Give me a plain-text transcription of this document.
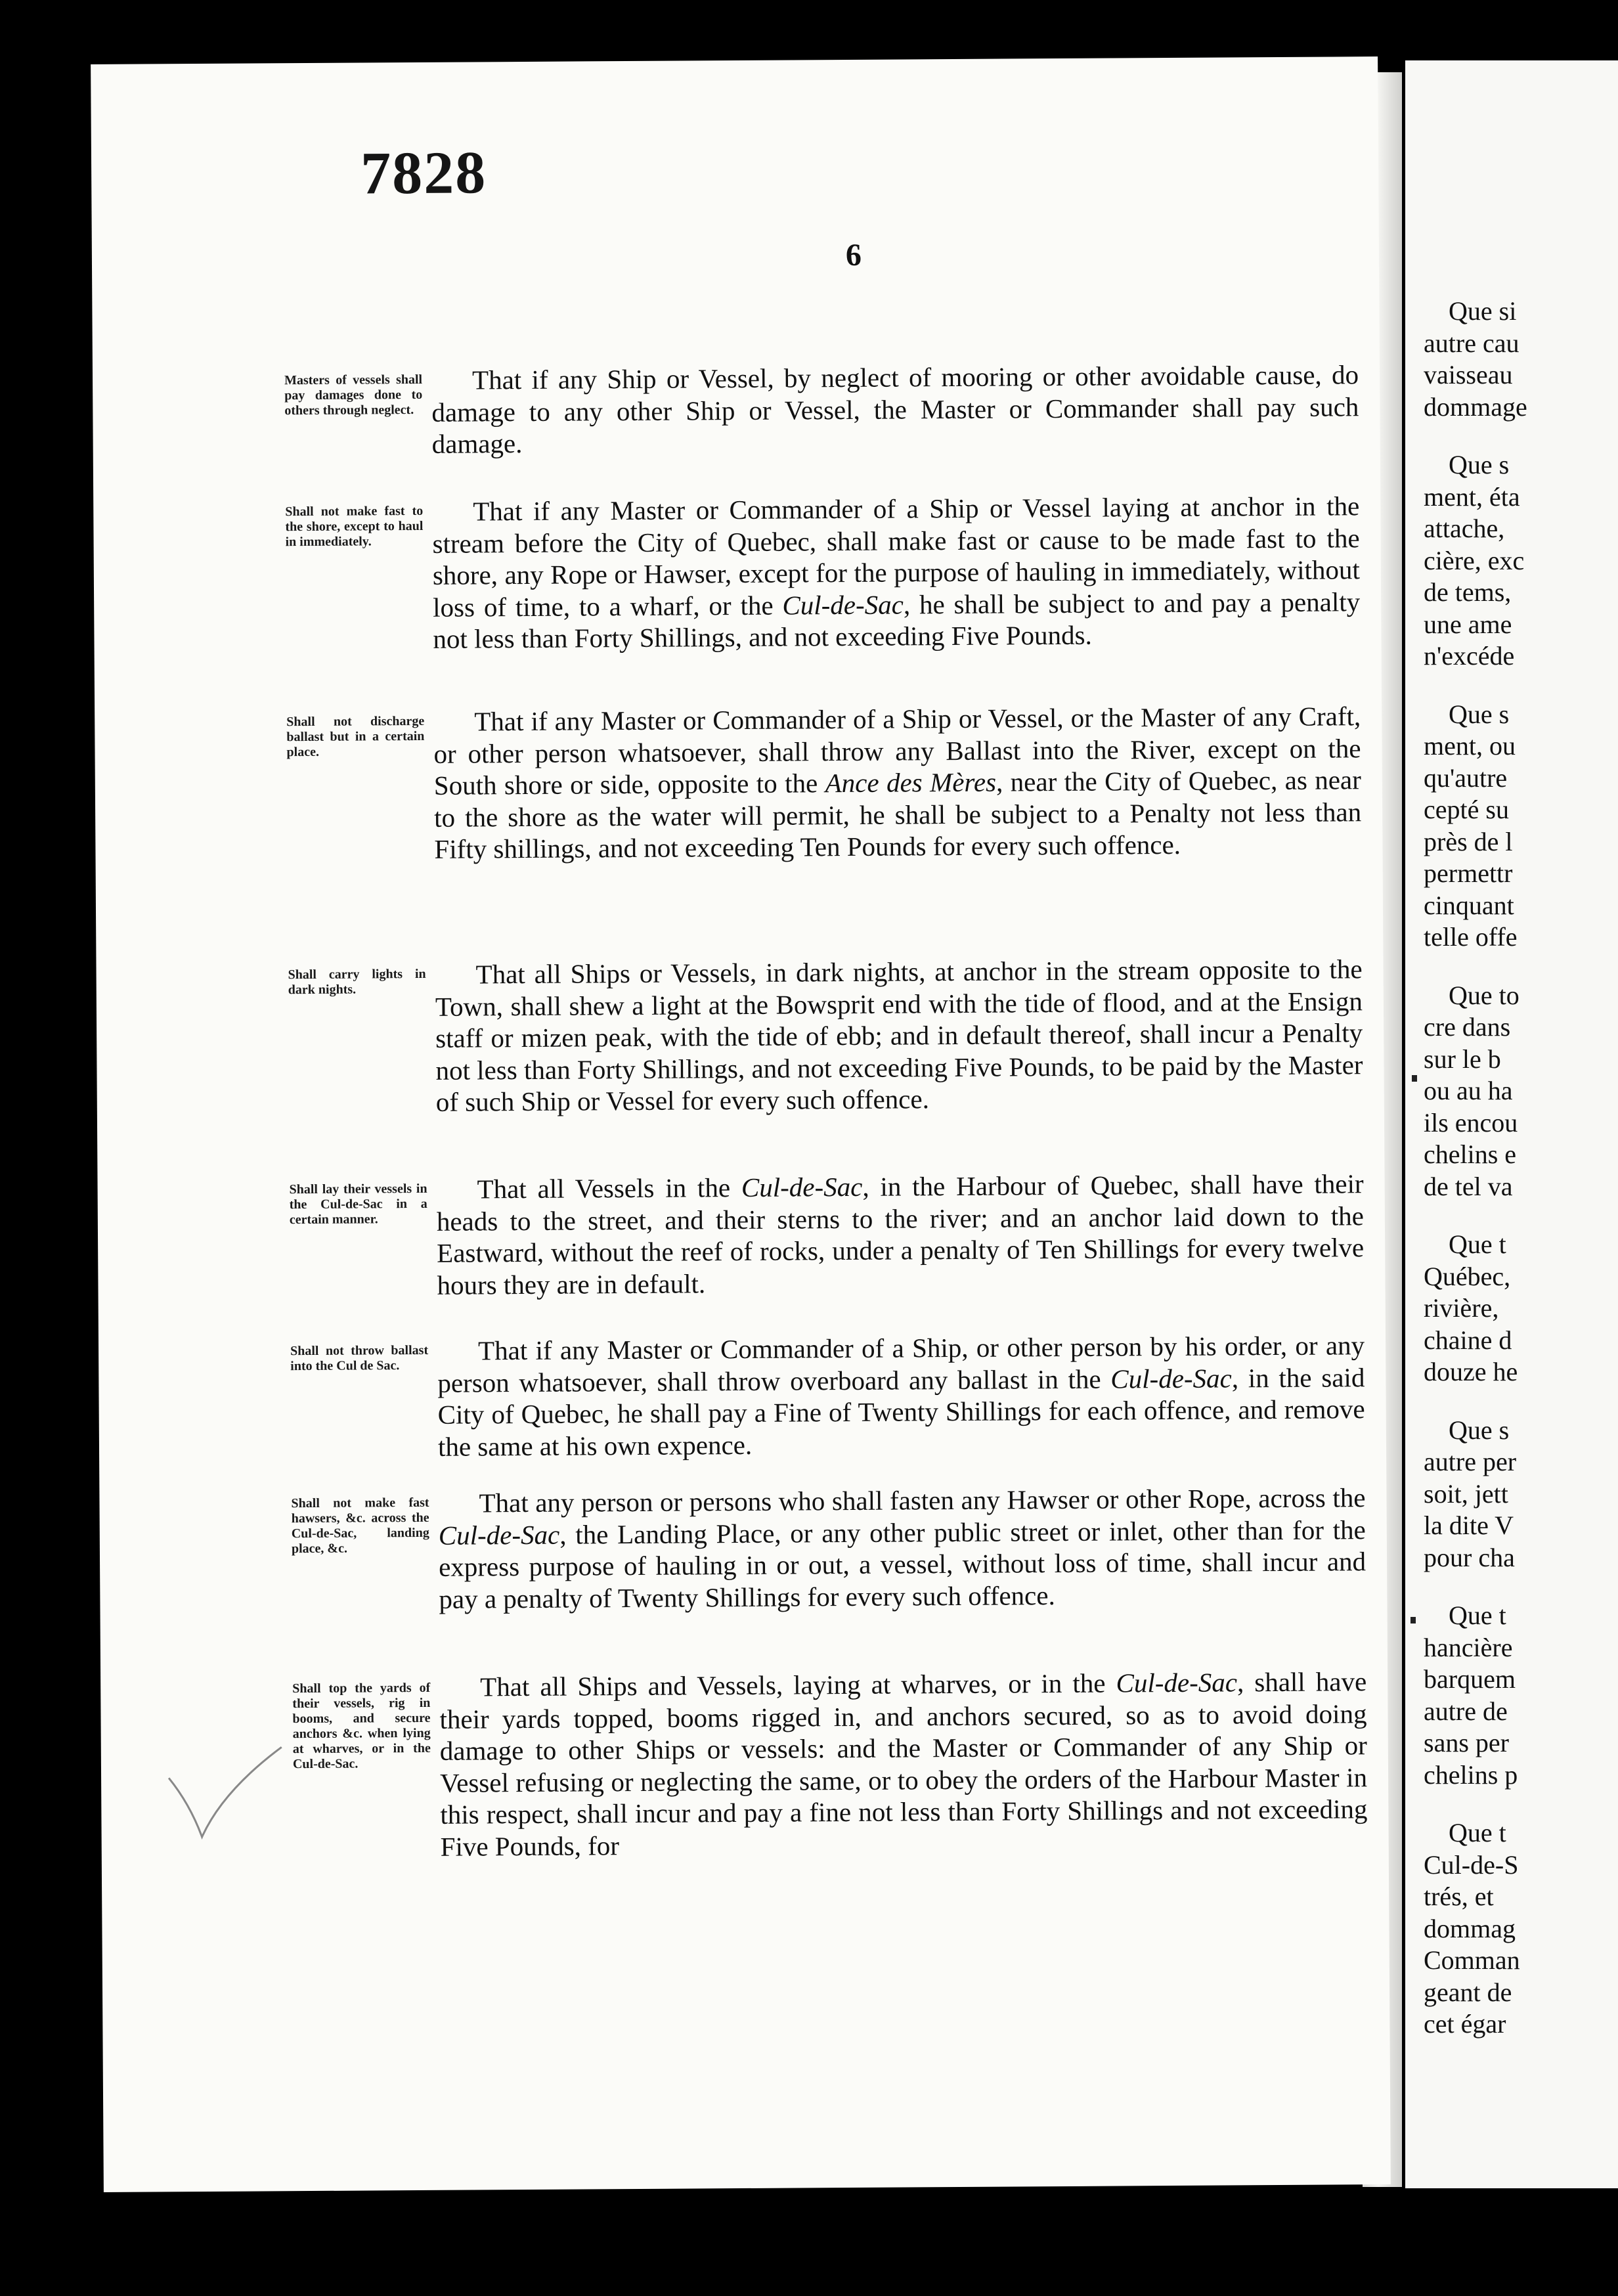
7828
6
Masters of vessels shall pay damages done to others through neglect.
That if any Ship or Vessel, by neglect of mooring or other avoidable cause, do damage to any other Ship or Vessel, the Master or Commander shall pay such damage.
Shall not make fast to the shore, except to haul in immediately.
That if any Master or Commander of a Ship or Vessel laying at anchor in the stream before the City of Quebec, shall make fast or cause to be made fast to the shore, any Rope or Hawser, except for the purpose of hauling in immediately, without loss of time, to a wharf, or the Cul-de-Sac, he shall be subject to and pay a penalty not less than Forty Shillings, and not exceeding Five Pounds.
Shall not discharge ballast but in a certain place.
That if any Master or Commander of a Ship or Vessel, or the Master of any Craft, or other person whatsoever, shall throw any Ballast into the River, except on the South shore or side, opposite to the Ance des Mères, near the City of Quebec, as near to the shore as the water will permit, he shall be subject to a Penalty not less than Fifty shillings, and not exceeding Ten Pounds for every such offence.
Shall carry lights in dark nights.
That all Ships or Vessels, in dark nights, at anchor in the stream opposite to the Town, shall shew a light at the Bowsprit end with the tide of flood, and at the Ensign staff or mizen peak, with the tide of ebb; and in default thereof, shall incur a Penalty not less than Forty Shillings, and not exceeding Five Pounds, to be paid by the Master of such Ship or Vessel for every such offence.
Shall lay their vessels in the Cul-de-Sac in a certain manner.
That all Vessels in the Cul-de-Sac, in the Harbour of Quebec, shall have their heads to the street, and their sterns to the river; and an anchor laid down to the Eastward, without the reef of rocks, under a penalty of Ten Shillings for every twelve hours they are in default.
Shall not throw ballast into the Cul de Sac.
That if any Master or Commander of a Ship, or other person by his order, or any person whatsoever, shall throw overboard any ballast in the Cul-de-Sac, in the said City of Quebec, he shall pay a Fine of Twenty Shillings for each offence, and remove the same at his own expence.
Shall not make fast hawsers, &c. across the Cul-de-Sac, landing place, &c.
That any person or persons who shall fasten any Hawser or other Rope, across the Cul-de-Sac, the Landing Place, or any other public street or inlet, other than for the express purpose of hauling in or out, a vessel, without loss of time, shall incur and pay a penalty of Twenty Shillings for every such offence.
Shall top the yards of their vessels, rig in booms, and secure anchors &c. when lying at wharves, or in the Cul-de-Sac.
That all Ships and Vessels, laying at wharves, or in the Cul-de-Sac, shall have their yards topped, booms rigged in, and anchors secured, so as to avoid doing damage to other Ships or vessels: and the Master or Commander of any Ship or Vessel refusing or neglecting the same, or to obey the orders of the Harbour Master in this respect, shall incur and pay a fine not less than Forty Shillings and not exceeding Five Pounds, for
Que si
autre cau
vaisseau
dommage
Que s
ment, éta
attache,
cière, exc
de tems,
une ame
n'excéde
Que s
ment, ou
qu'autre
cepté su
près de l
permettr
cinquant
telle offe
Que to
cre dans
sur le b
ou au ha
ils encou
chelins e
de tel va
Que t
Québec,
rivière,
chaine d
douze he
Que s
autre per
soit, jett
la dite V
pour cha
Que t
hancière
barquem
autre de
sans per
chelins p
Que t
Cul-de-S
trés, et
dommag
Comman
geant de
cet égar
